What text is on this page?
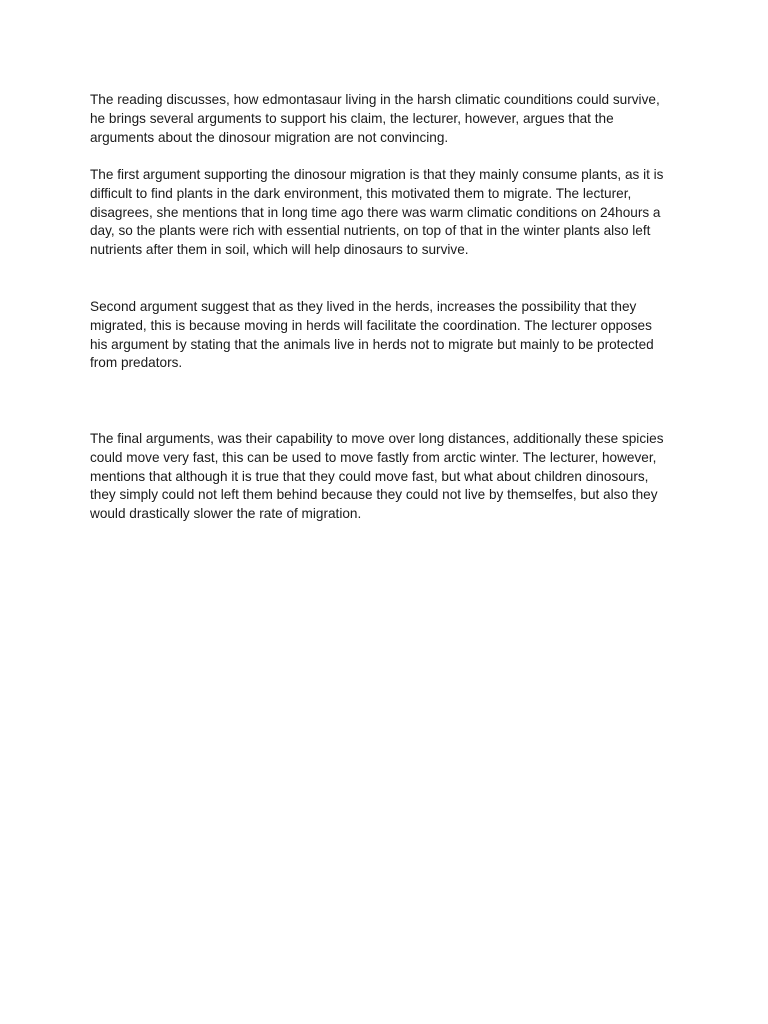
The reading discusses, how edmontasaur living in the harsh climatic counditions could survive,
he brings several arguments to support his claim, the lecturer, however, argues that the
arguments about the dinosour migration are not convincing.

The first argument supporting the dinosour migration is that they mainly consume plants, as it is
difficult to find plants in the dark environment, this motivated them to migrate. The lecturer,
disagrees, she mentions that in long time ago there was warm climatic conditions on 24hours a
day, so the plants were rich with essential nutrients, on top of that in the winter plants also left
nutrients after them in soil, which will help dinosaurs to survive.

Second argument suggest that as they lived in the herds, increases the possibility that they
migrated, this is because moving in herds will facilitate the coordination. The lecturer opposes
his argument by stating that the animals live in herds not to migrate but mainly to be protected
from predators.

The final arguments, was their capability to move over long distances, additionally these spicies
could move very fast, this can be used to move fastly from arctic winter. The lecturer, however,
mentions that although it is true that they could move fast, but what about children dinosours,
they simply could not left them behind because they could not live by themselfes, but also they
would drastically slower the rate of migration.
